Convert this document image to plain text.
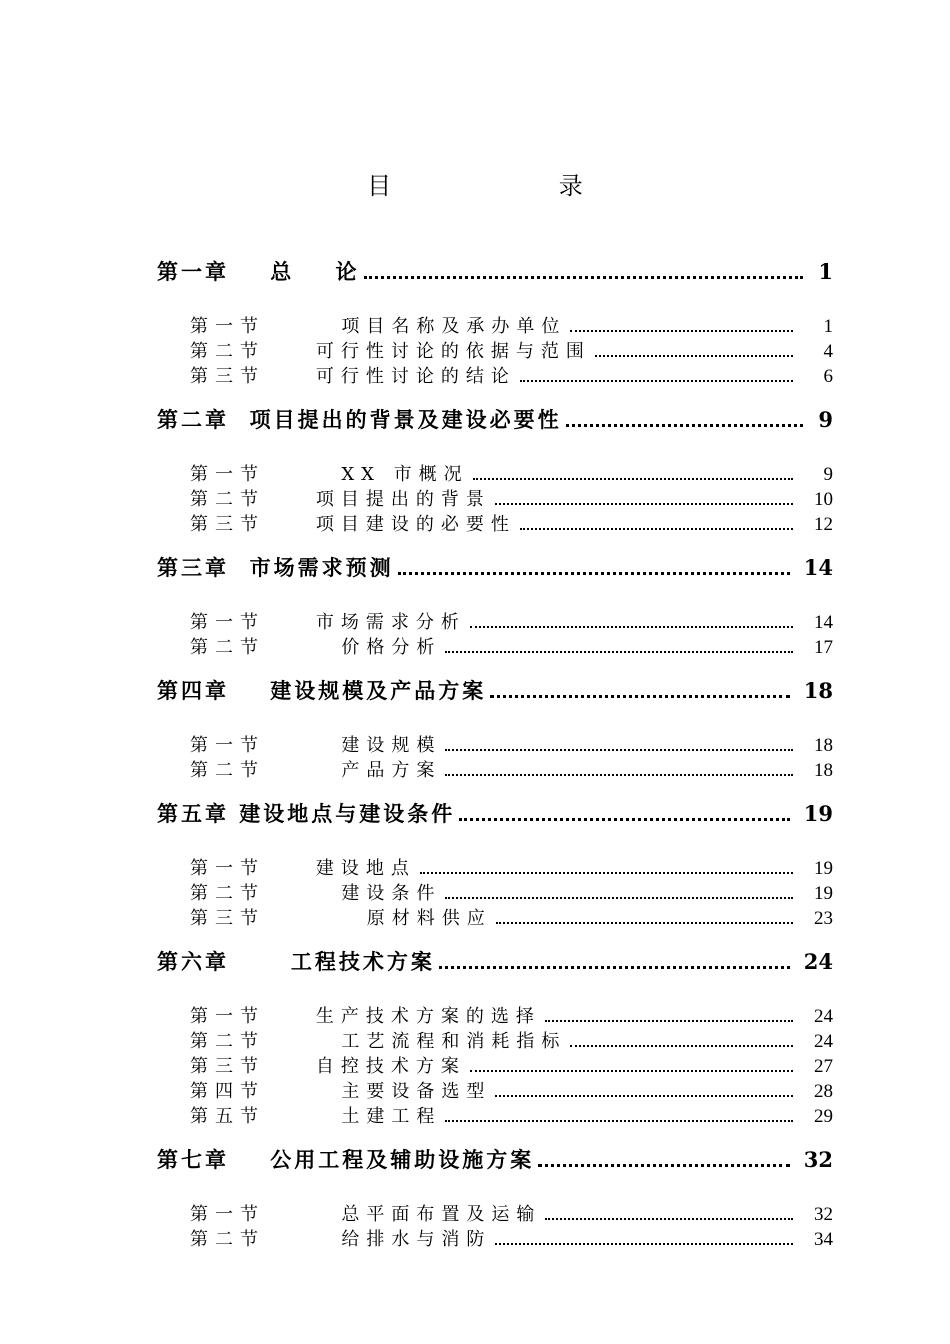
目 录
第一章    总    论	1
第一节      项目名称及承办单位	1
第二节    可行性讨论的依据与范围	4
第三节    可行性讨论的结论	6
第二章  项目提出的背景及建设必要性	9
第一节      XX 市概况	9
第二节    项目提出的背景	10
第三节    项目建设的必要性	12
第三章  市场需求预测	14
第一节    市场需求分析	14
第二节      价格分析	17
第四章    建设规模及产品方案	18
第一节      建设规模	18
第二节      产品方案	18
第五章 建设地点与建设条件	19
第一节    建设地点	19
第二节      建设条件	19
第三节        原材料供应	23
第六章      工程技术方案	24
第一节    生产技术方案的选择	24
第二节      工艺流程和消耗指标	24
第三节    自控技术方案	27
第四节      主要设备选型	28
第五节      土建工程	29
第七章    公用工程及辅助设施方案	32
第一节      总平面布置及运输	32
第二节      给排水与消防	34
